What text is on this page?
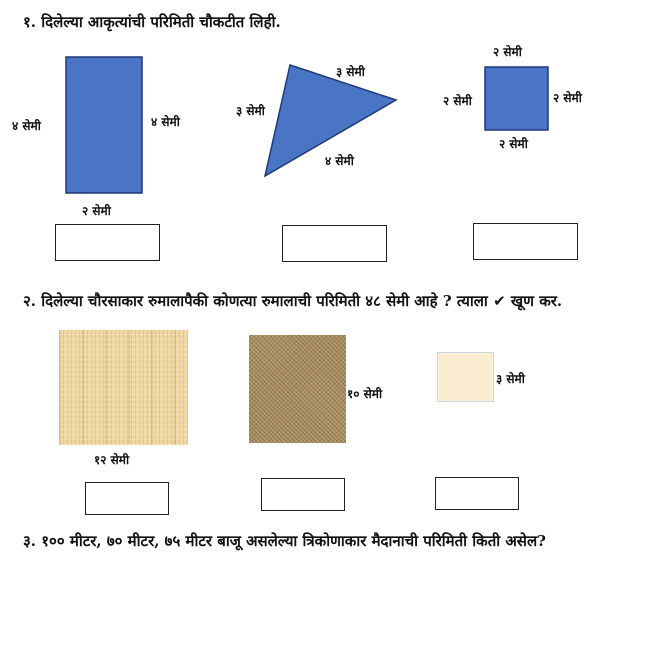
१. दिलेल्या आकृत्यांची परिमिती चौकटीत लिही.
४ सेमी	४ सेमी
२ सेमी
३ सेमी
३ सेमी
४ सेमी
२ सेमी
२ सेमी	२ सेमी
२ सेमी
२. दिलेल्या चौरसाकार रुमालापैकी कोणत्या रुमालाची परिमिती ४८ सेमी आहे ? त्याला ✔ खूण कर.
१२ सेमी
१० सेमी
३ सेमी
३. १०० मीटर, ७० मीटर, ७५ मीटर बाजू असलेल्या त्रिकोणाकार मैदानाची परिमिती किती असेल?
